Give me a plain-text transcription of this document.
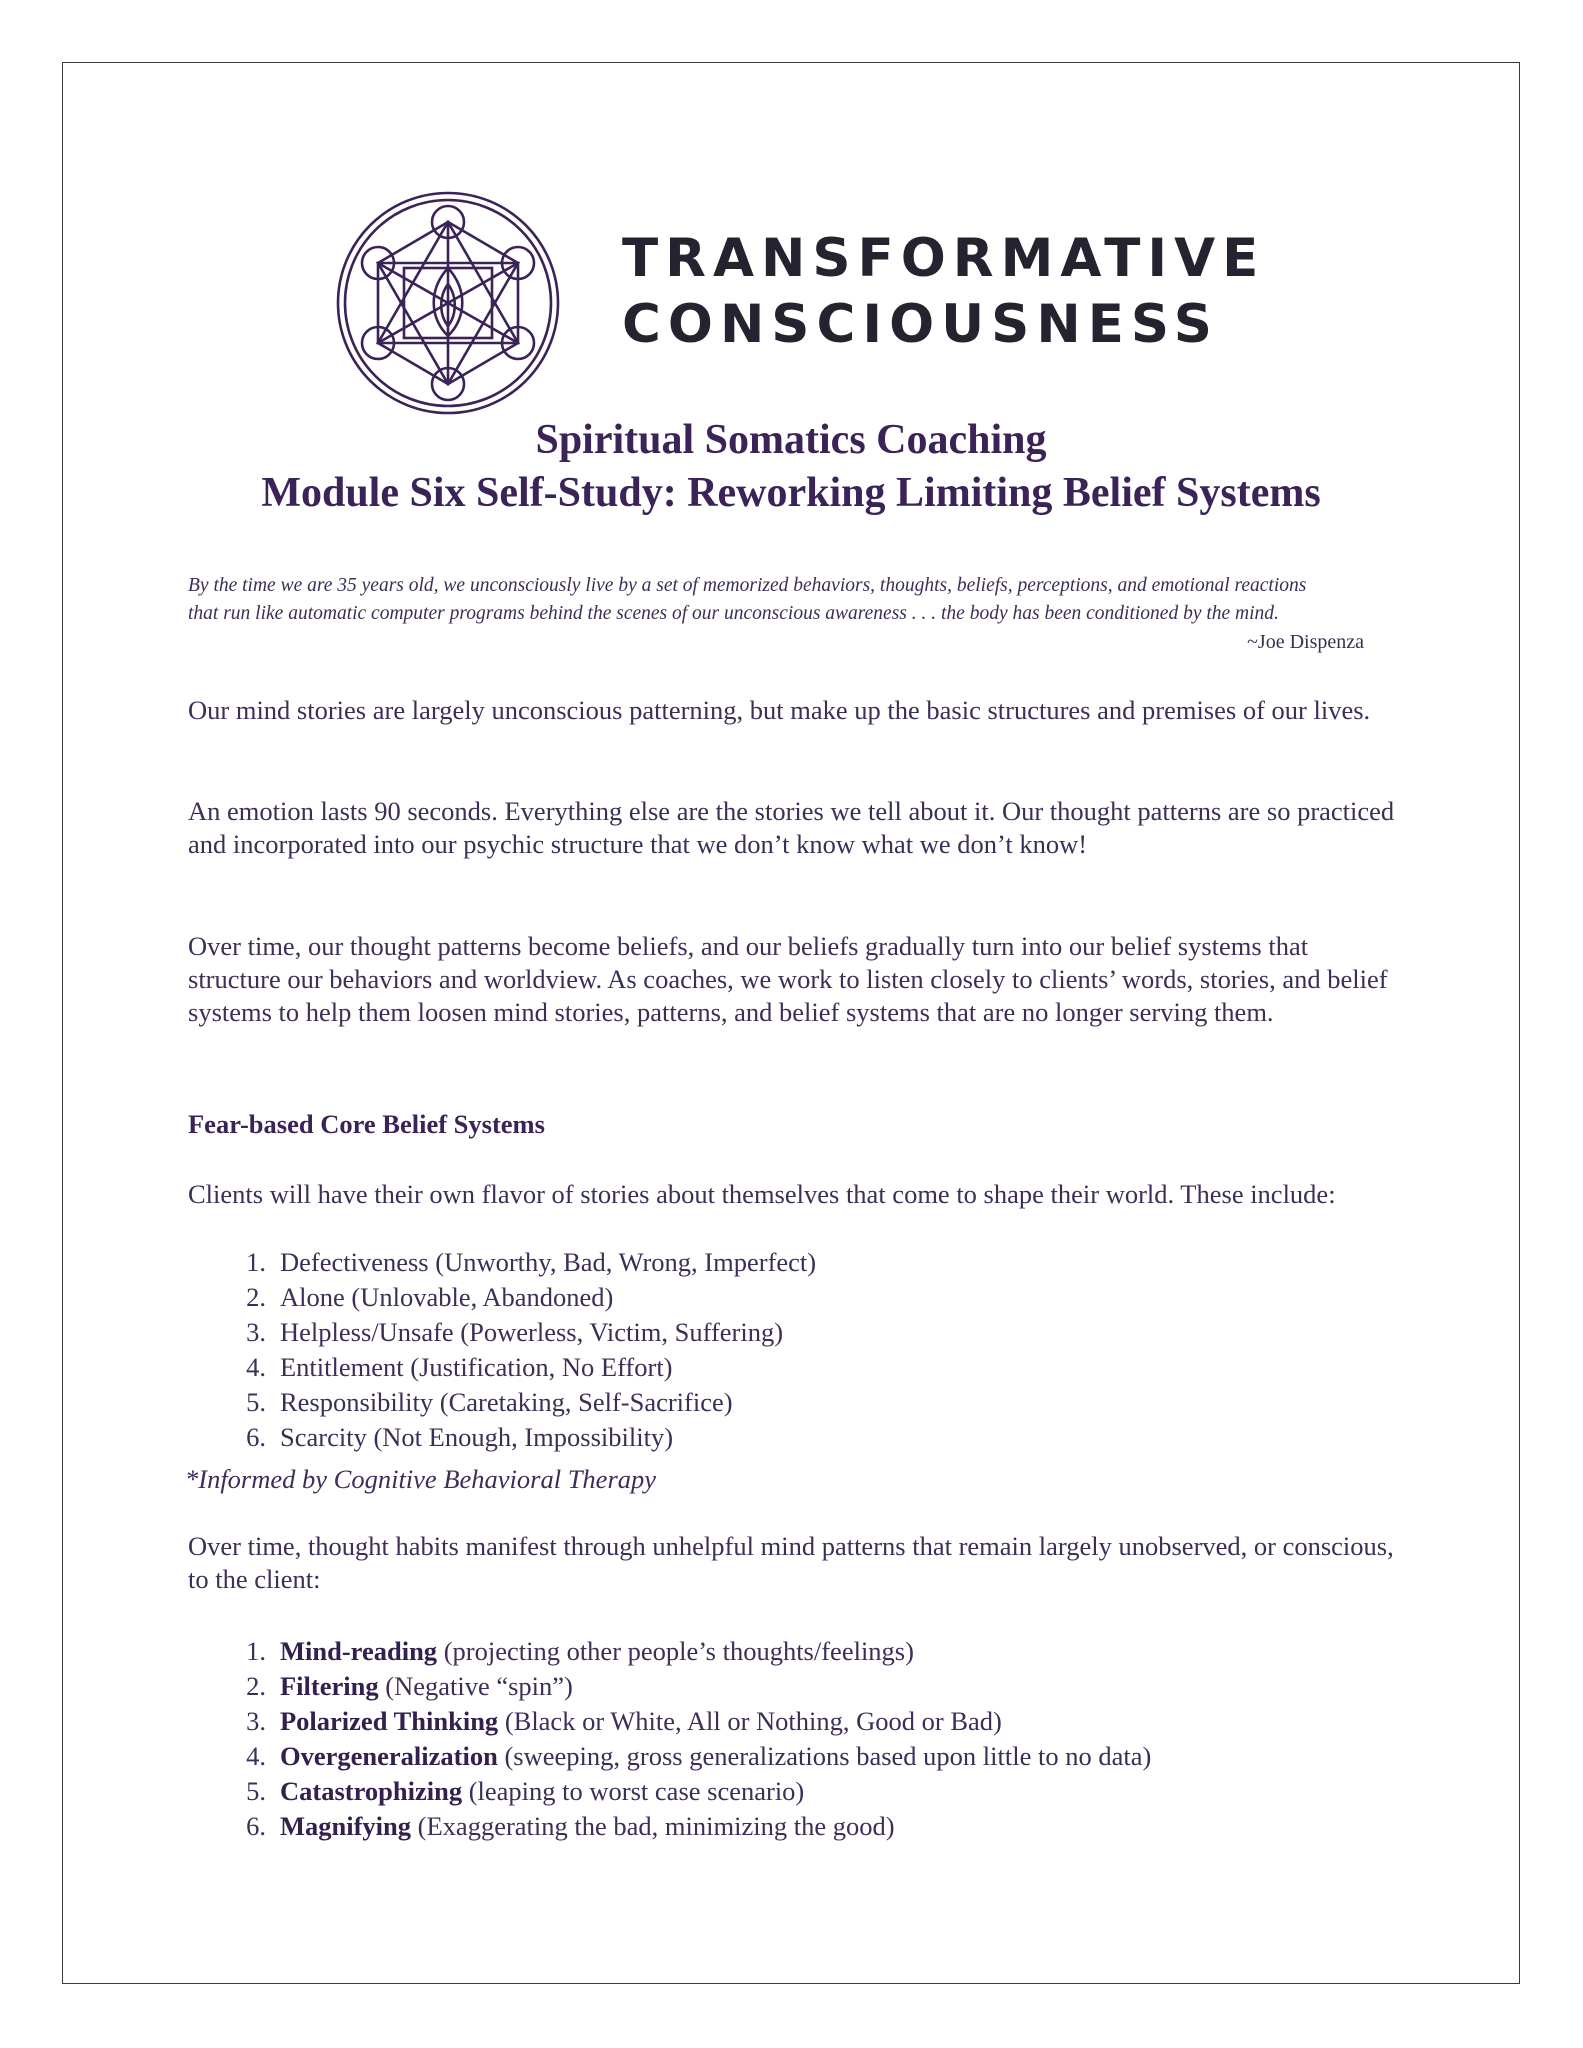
TRANSFORMATIVE
CONSCIOUSNESS
Spiritual Somatics Coaching
Module Six Self-Study: Reworking Limiting Belief Systems
By the time we are 35 years old, we unconsciously live by a set of memorized behaviors, thoughts, beliefs, perceptions, and emotional reactions
that run like automatic computer programs behind the scenes of our unconscious awareness . . . the body has been conditioned by the mind.
~Joe Dispenza
Our mind stories are largely unconscious patterning, but make up the basic structures and premises of our lives.
An emotion lasts 90 seconds. Everything else are the stories we tell about it. Our thought patterns are so practiced and incorporated into our psychic structure that we don’t know what we don’t know!
Over time, our thought patterns become beliefs, and our beliefs gradually turn into our belief systems that structure our behaviors and worldview. As coaches, we work to listen closely to clients’ words, stories, and belief systems to help them loosen mind stories, patterns, and belief systems that are no longer serving them.
Fear-based Core Belief Systems
Clients will have their own flavor of stories about themselves that come to shape their world. These include:
1. Defectiveness (Unworthy, Bad, Wrong, Imperfect)
2. Alone (Unlovable, Abandoned)
3. Helpless/Unsafe (Powerless, Victim, Suffering)
4. Entitlement (Justification, No Effort)
5. Responsibility (Caretaking, Self-Sacrifice)
6. Scarcity (Not Enough, Impossibility)
*Informed by Cognitive Behavioral Therapy
Over time, thought habits manifest through unhelpful mind patterns that remain largely unobserved, or conscious, to the client:
1. Mind-reading (projecting other people’s thoughts/feelings)
2. Filtering (Negative “spin”)
3. Polarized Thinking (Black or White, All or Nothing, Good or Bad)
4. Overgeneralization (sweeping, gross generalizations based upon little to no data)
5. Catastrophizing (leaping to worst case scenario)
6. Magnifying (Exaggerating the bad, minimizing the good)
